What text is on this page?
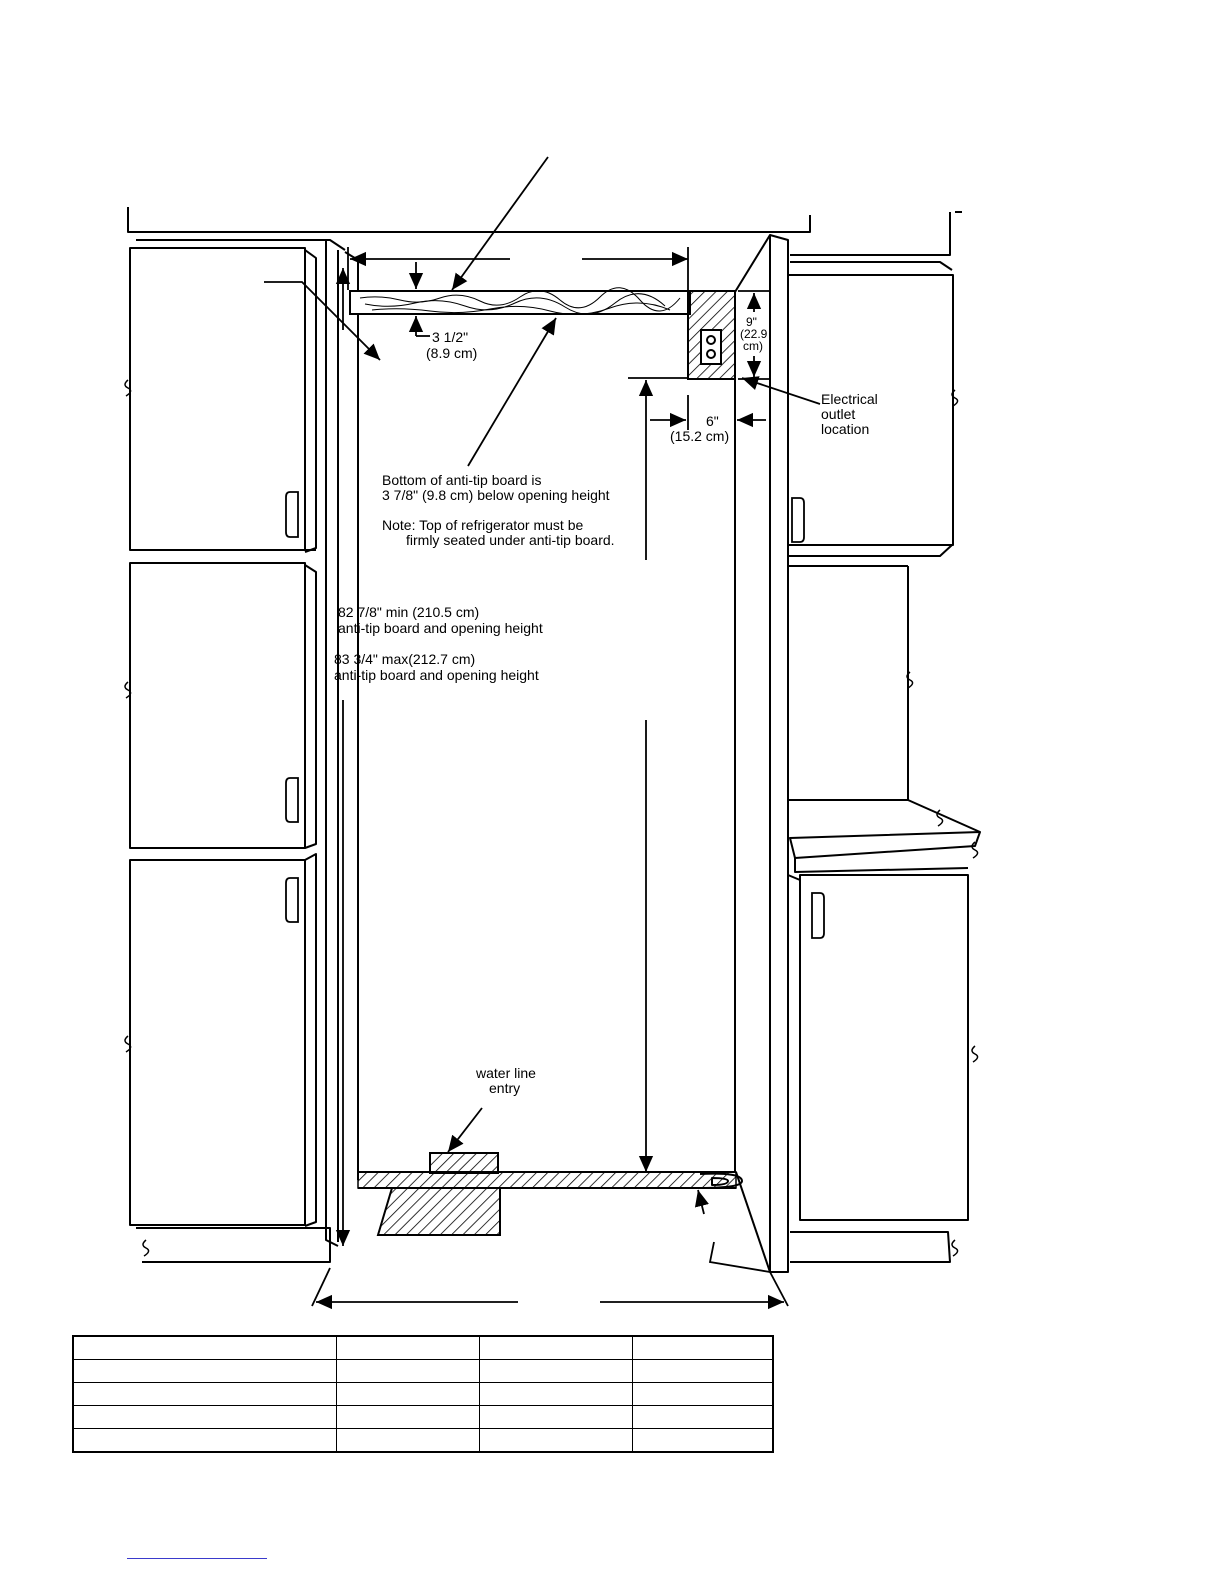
3 1/2"
(8.9 cm)
9"
(22.9
cm)
Electrical
outlet
location
6"
(15.2 cm)
Bottom of anti-tip board is
3 7/8" (9.8 cm) below opening height
Note: Top of refrigerator must be
firmly seated under anti-tip board.
82 7/8" min (210.5 cm)
anti-tip board and opening height
83 3/4" max(212.7 cm)
anti-tip board and opening height
water line
entry
